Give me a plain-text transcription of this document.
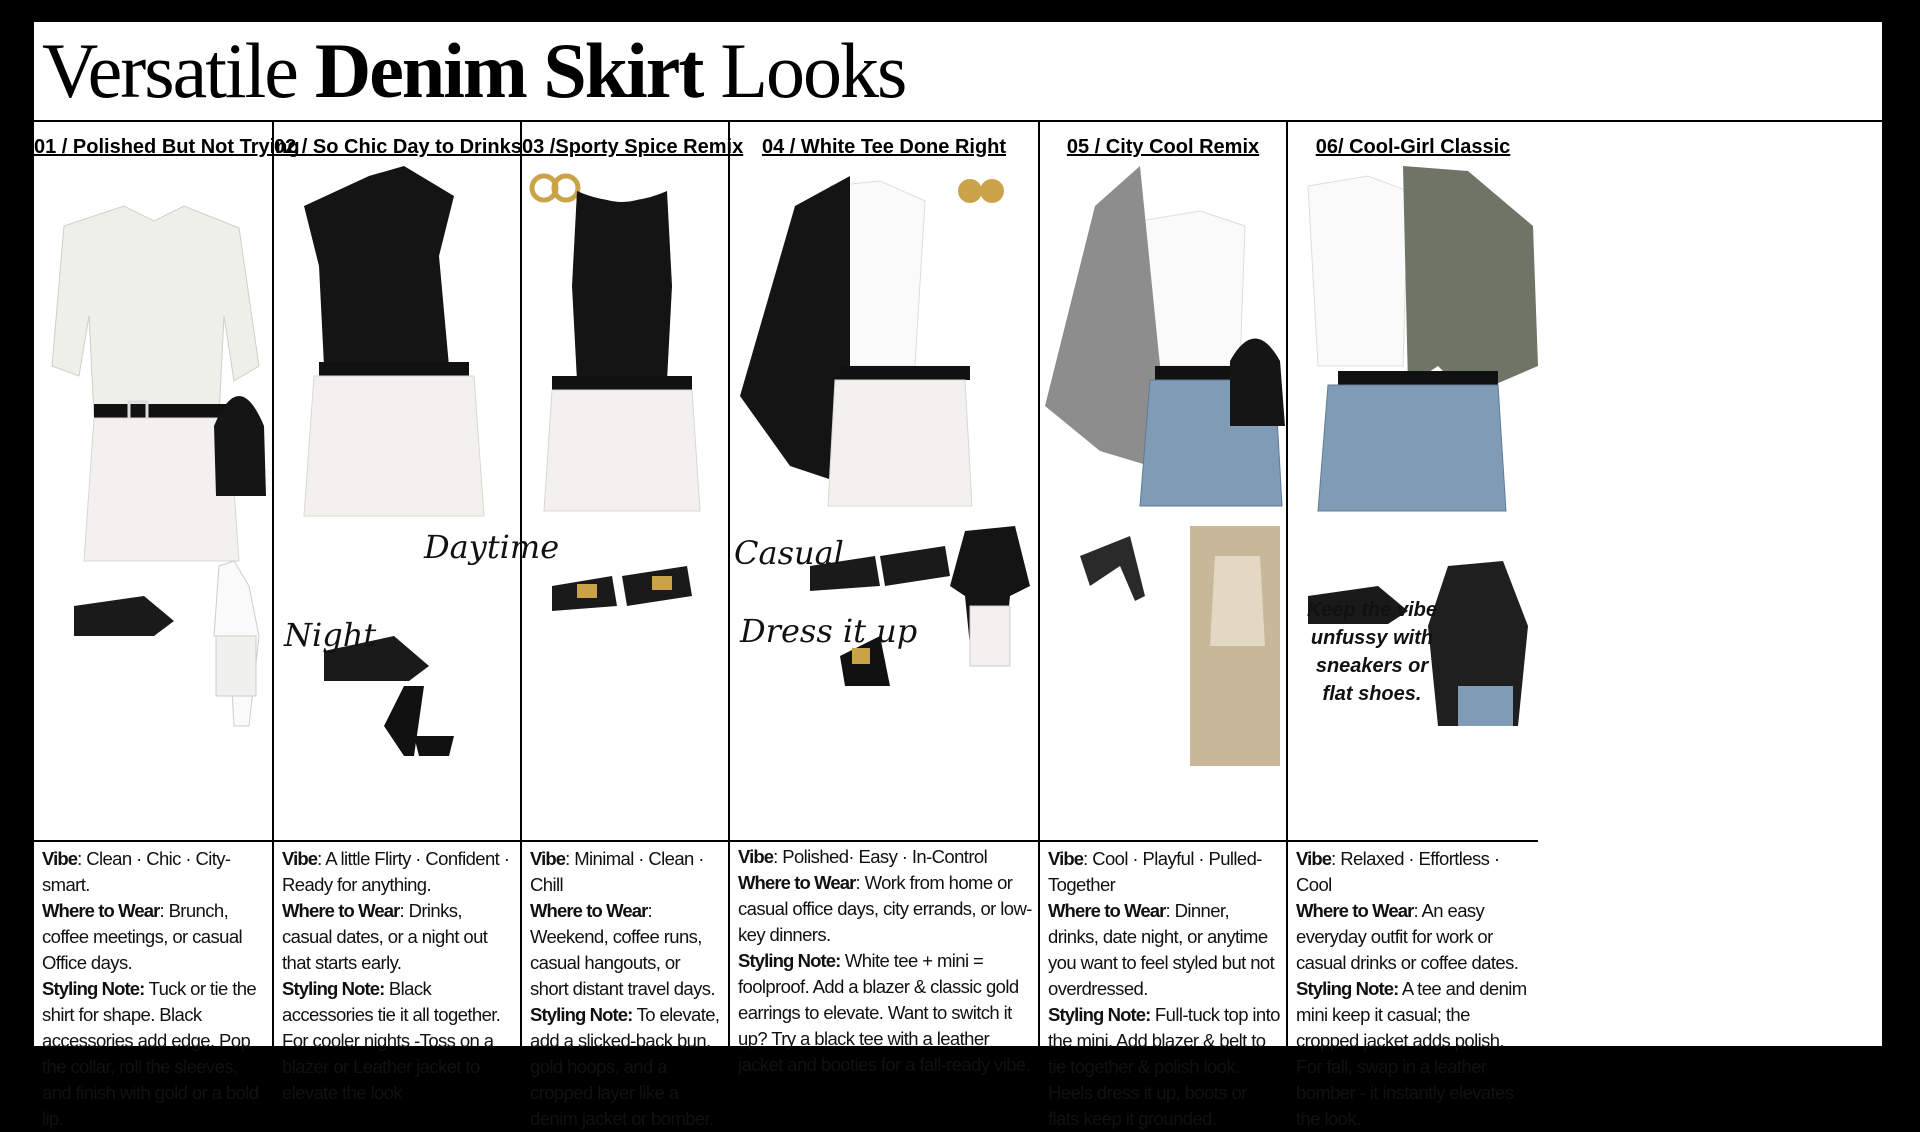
Versatile Denim Skirt Looks
01 / Polished But Not Trying
Vibe: Clean · Chic · City-smart.
Where to Wear: Brunch, coffee meetings, or casual Office days.
Styling Note: Tuck or tie the shirt for shape. Black accessories add edge. Pop the collar, roll the sleeves, and finish with gold or a bold lip.
02 / So Chic Day to Drinks
Daytime
Night
Vibe: A little Flirty · Confident · Ready for anything.
Where to Wear: Drinks, casual dates, or a night out that starts early.
Styling Note: Black accessories tie it all together. For cooler nights -Toss on a blazer or Leather jacket to elevate the look
03 /Sporty Spice Remix
Vibe: Minimal · Clean · Chill
Where to Wear: Weekend, coffee runs, casual hangouts, or short distant travel days.
Styling Note: To elevate, add a slicked-back bun, gold hoops, and a cropped layer like a denim jacket or bomber.
04 / White Tee Done Right
Casual
Dress it up
Vibe: Polished· Easy · In-Control
Where to Wear: Work from home or casual office days, city errands, or low-key dinners.
Styling Note: White tee + mini = foolproof. Add a blazer & classic gold earrings to elevate. Want to switch it up? Try a black tee with a leather jacket and booties for a fall-ready vibe.
05 / City Cool Remix
Vibe: Cool · Playful · Pulled-Together
Where to Wear: Dinner, drinks, date night, or anytime you want to feel styled but not overdressed.
Styling Note: Full-tuck top into the mini. Add blazer & belt to tie together & polish look. Heels dress it up, boots or flats keep it grounded.
06/ Cool-Girl Classic
Keep the vibe unfussy with sneakers or flat shoes.
Vibe: Relaxed · Effortless · Cool
Where to Wear: An easy everyday outfit for work or casual drinks or coffee dates.
Styling Note: A tee and denim mini keep it casual; the cropped jacket adds polish. For fall, swap in a leather bomber - it instantly elevates the look.
